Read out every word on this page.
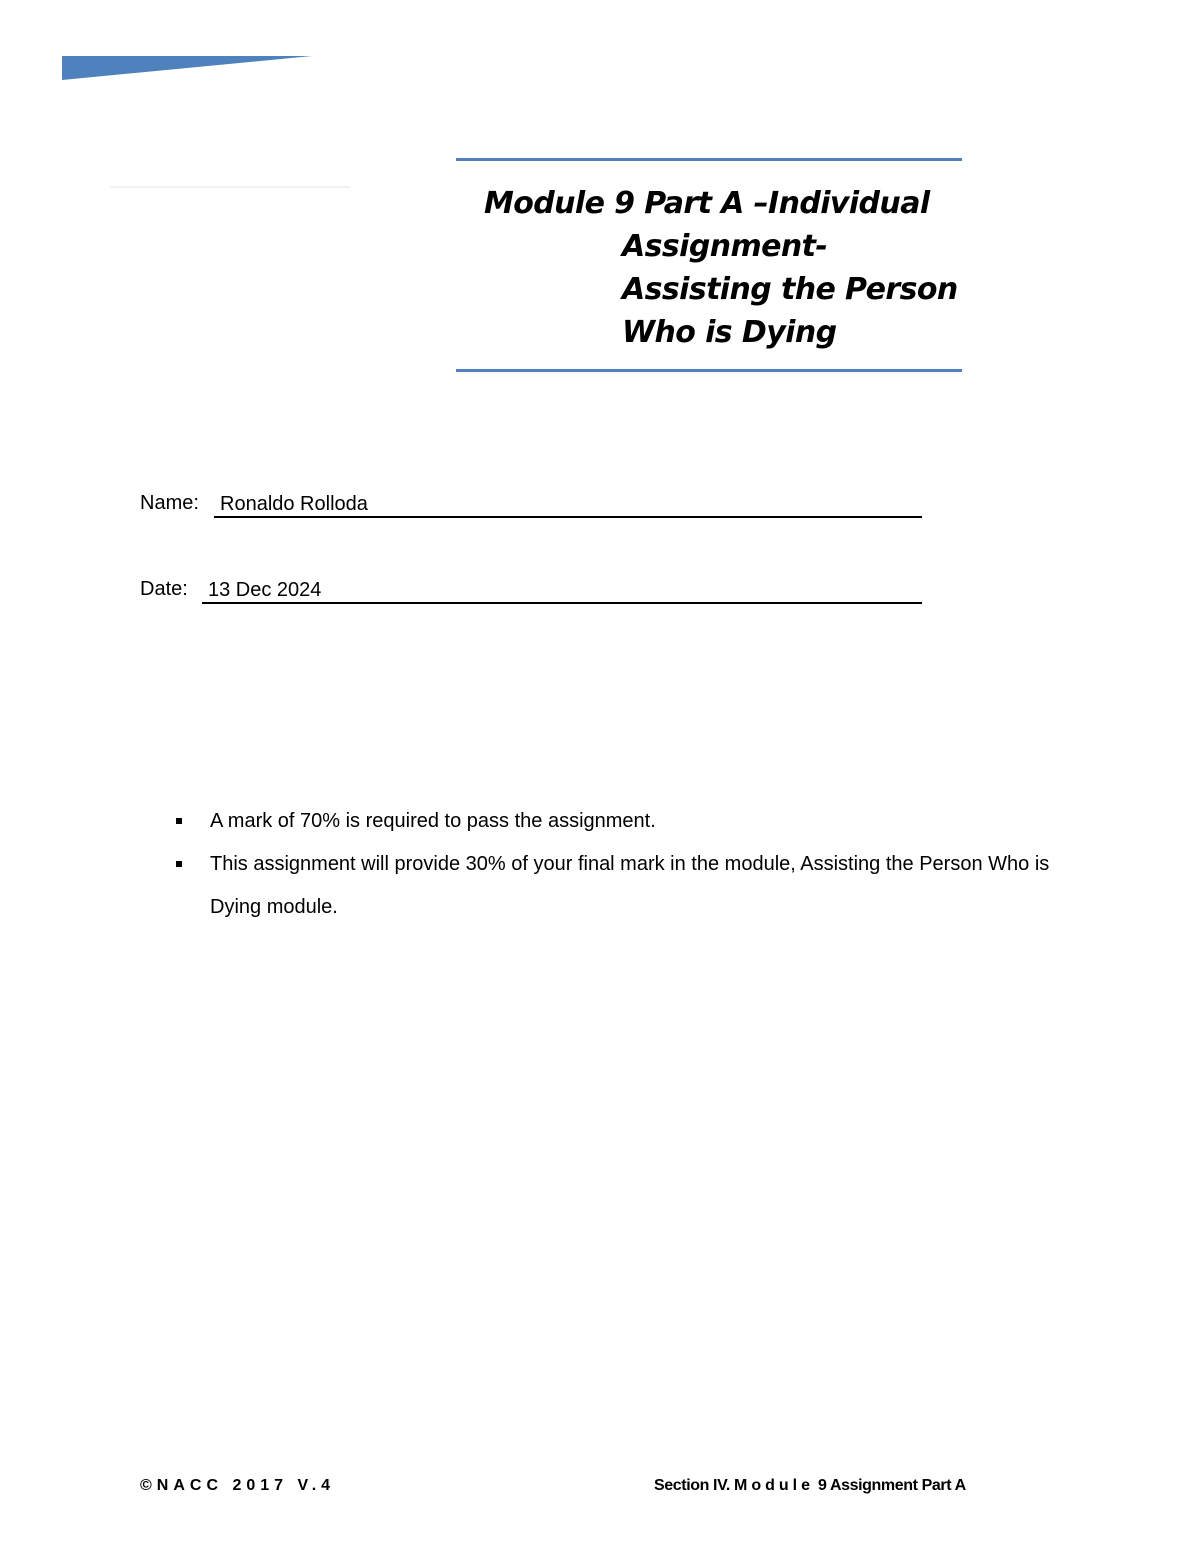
Module 9 Part A –Individual
Assignment-
Assisting the Person
Who is Dying
Name:	Ronaldo Rolloda
Date:	13 Dec 2024
A mark of 70% is required to pass the assignment.
This assignment will provide 30% of your final mark in the module, Assisting the Person Who is Dying module.
©NACC 2017 V.4	Section IV. Module 9 Assignment Part A
